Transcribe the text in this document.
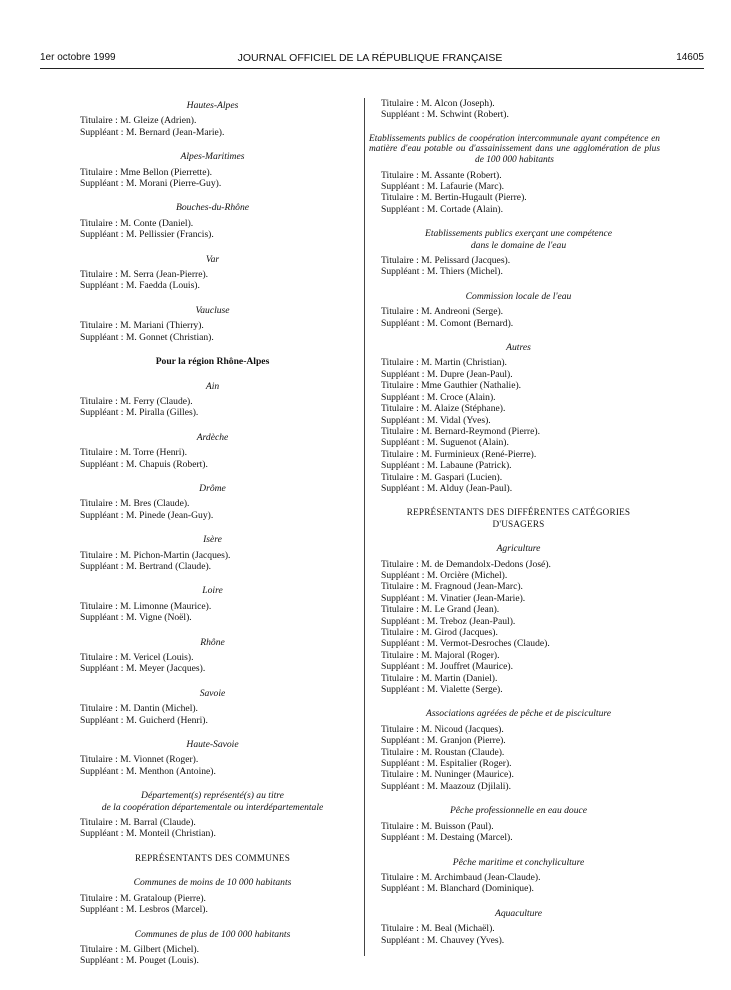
1er octobre 1999	JOURNAL OFFICIEL DE LA RÉPUBLIQUE FRANÇAISE	14605
Hautes-Alpes
Titulaire : M. Gleize (Adrien).
Suppléant : M. Bernard (Jean-Marie).
Alpes-Maritimes
Titulaire : Mme Bellon (Pierrette).
Suppléant : M. Morani (Pierre-Guy).
Bouches-du-Rhône
Titulaire : M. Conte (Daniel).
Suppléant : M. Pellissier (Francis).
Var
Titulaire : M. Serra (Jean-Pierre).
Suppléant : M. Faedda (Louis).
Vaucluse
Titulaire : M. Mariani (Thierry).
Suppléant : M. Gonnet (Christian).
Pour la région Rhône-Alpes
Ain
Titulaire : M. Ferry (Claude).
Suppléant : M. Piralla (Gilles).
Ardèche
Titulaire : M. Torre (Henri).
Suppléant : M. Chapuis (Robert).
Drôme
Titulaire : M. Bres (Claude).
Suppléant : M. Pinede (Jean-Guy).
Isère
Titulaire : M. Pichon-Martin (Jacques).
Suppléant : M. Bertrand (Claude).
Loire
Titulaire : M. Limonne (Maurice).
Suppléant : M. Vigne (Noël).
Rhône
Titulaire : M. Vericel (Louis).
Suppléant : M. Meyer (Jacques).
Savoie
Titulaire : M. Dantin (Michel).
Suppléant : M. Guicherd (Henri).
Haute-Savoie
Titulaire : M. Vionnet (Roger).
Suppléant : M. Menthon (Antoine).
Département(s) représenté(s) au titre
de la coopération départementale ou interdépartementale
Titulaire : M. Barral (Claude).
Suppléant : M. Monteil (Christian).
REPRÉSENTANTS DES COMMUNES
Communes de moins de 10 000 habitants
Titulaire : M. Grataloup (Pierre).
Suppléant : M. Lesbros (Marcel).
Communes de plus de 100 000 habitants
Titulaire : M. Gilbert (Michel).
Suppléant : M. Pouget (Louis).
Titulaire : M. Alcon (Joseph).
Suppléant : M. Schwint (Robert).
Etablissements publics de coopération intercommunale ayant compétence en matière d'eau potable ou d'assainissement dans une agglomération de plus de 100 000 habitants
Titulaire : M. Assante (Robert).
Suppléant : M. Lafaurie (Marc).
Titulaire : M. Bertin-Hugault (Pierre).
Suppléant : M. Cortade (Alain).
Etablissements publics exerçant une compétence
dans le domaine de l'eau
Titulaire : M. Pelissard (Jacques).
Suppléant : M. Thiers (Michel).
Commission locale de l'eau
Titulaire : M. Andreoni (Serge).
Suppléant : M. Comont (Bernard).
Autres
Titulaire : M. Martin (Christian).
Suppléant : M. Dupre (Jean-Paul).
Titulaire : Mme Gauthier (Nathalie).
Suppléant : M. Croce (Alain).
Titulaire : M. Alaize (Stéphane).
Suppléant : M. Vidal (Yves).
Titulaire : M. Bernard-Reymond (Pierre).
Suppléant : M. Suguenot (Alain).
Titulaire : M. Furminieux (René-Pierre).
Suppléant : M. Labaune (Patrick).
Titulaire : M. Gaspari (Lucien).
Suppléant : M. Alduy (Jean-Paul).
REPRÉSENTANTS DES DIFFÉRENTES CATÉGORIES D'USAGERS
Agriculture
Titulaire : M. de Demandolx-Dedons (José).
Suppléant : M. Orcière (Michel).
Titulaire : M. Fragnoud (Jean-Marc).
Suppléant : M. Vinatier (Jean-Marie).
Titulaire : M. Le Grand (Jean).
Suppléant : M. Treboz (Jean-Paul).
Titulaire : M. Girod (Jacques).
Suppléant : M. Vermot-Desroches (Claude).
Titulaire : M. Majoral (Roger).
Suppléant : M. Jouffret (Maurice).
Titulaire : M. Martin (Daniel).
Suppléant : M. Vialette (Serge).
Associations agréées de pêche et de pisciculture
Titulaire : M. Nicoud (Jacques).
Suppléant : M. Granjon (Pierre).
Titulaire : M. Roustan (Claude).
Suppléant : M. Espitalier (Roger).
Titulaire : M. Nuninger (Maurice).
Suppléant : M. Maazouz (Djilali).
Pêche professionnelle en eau douce
Titulaire : M. Buisson (Paul).
Suppléant : M. Destaing (Marcel).
Pêche maritime et conchyliculture
Titulaire : M. Archimbaud (Jean-Claude).
Suppléant : M. Blanchard (Dominique).
Aquaculture
Titulaire : M. Beal (Michaël).
Suppléant : M. Chauvey (Yves).
